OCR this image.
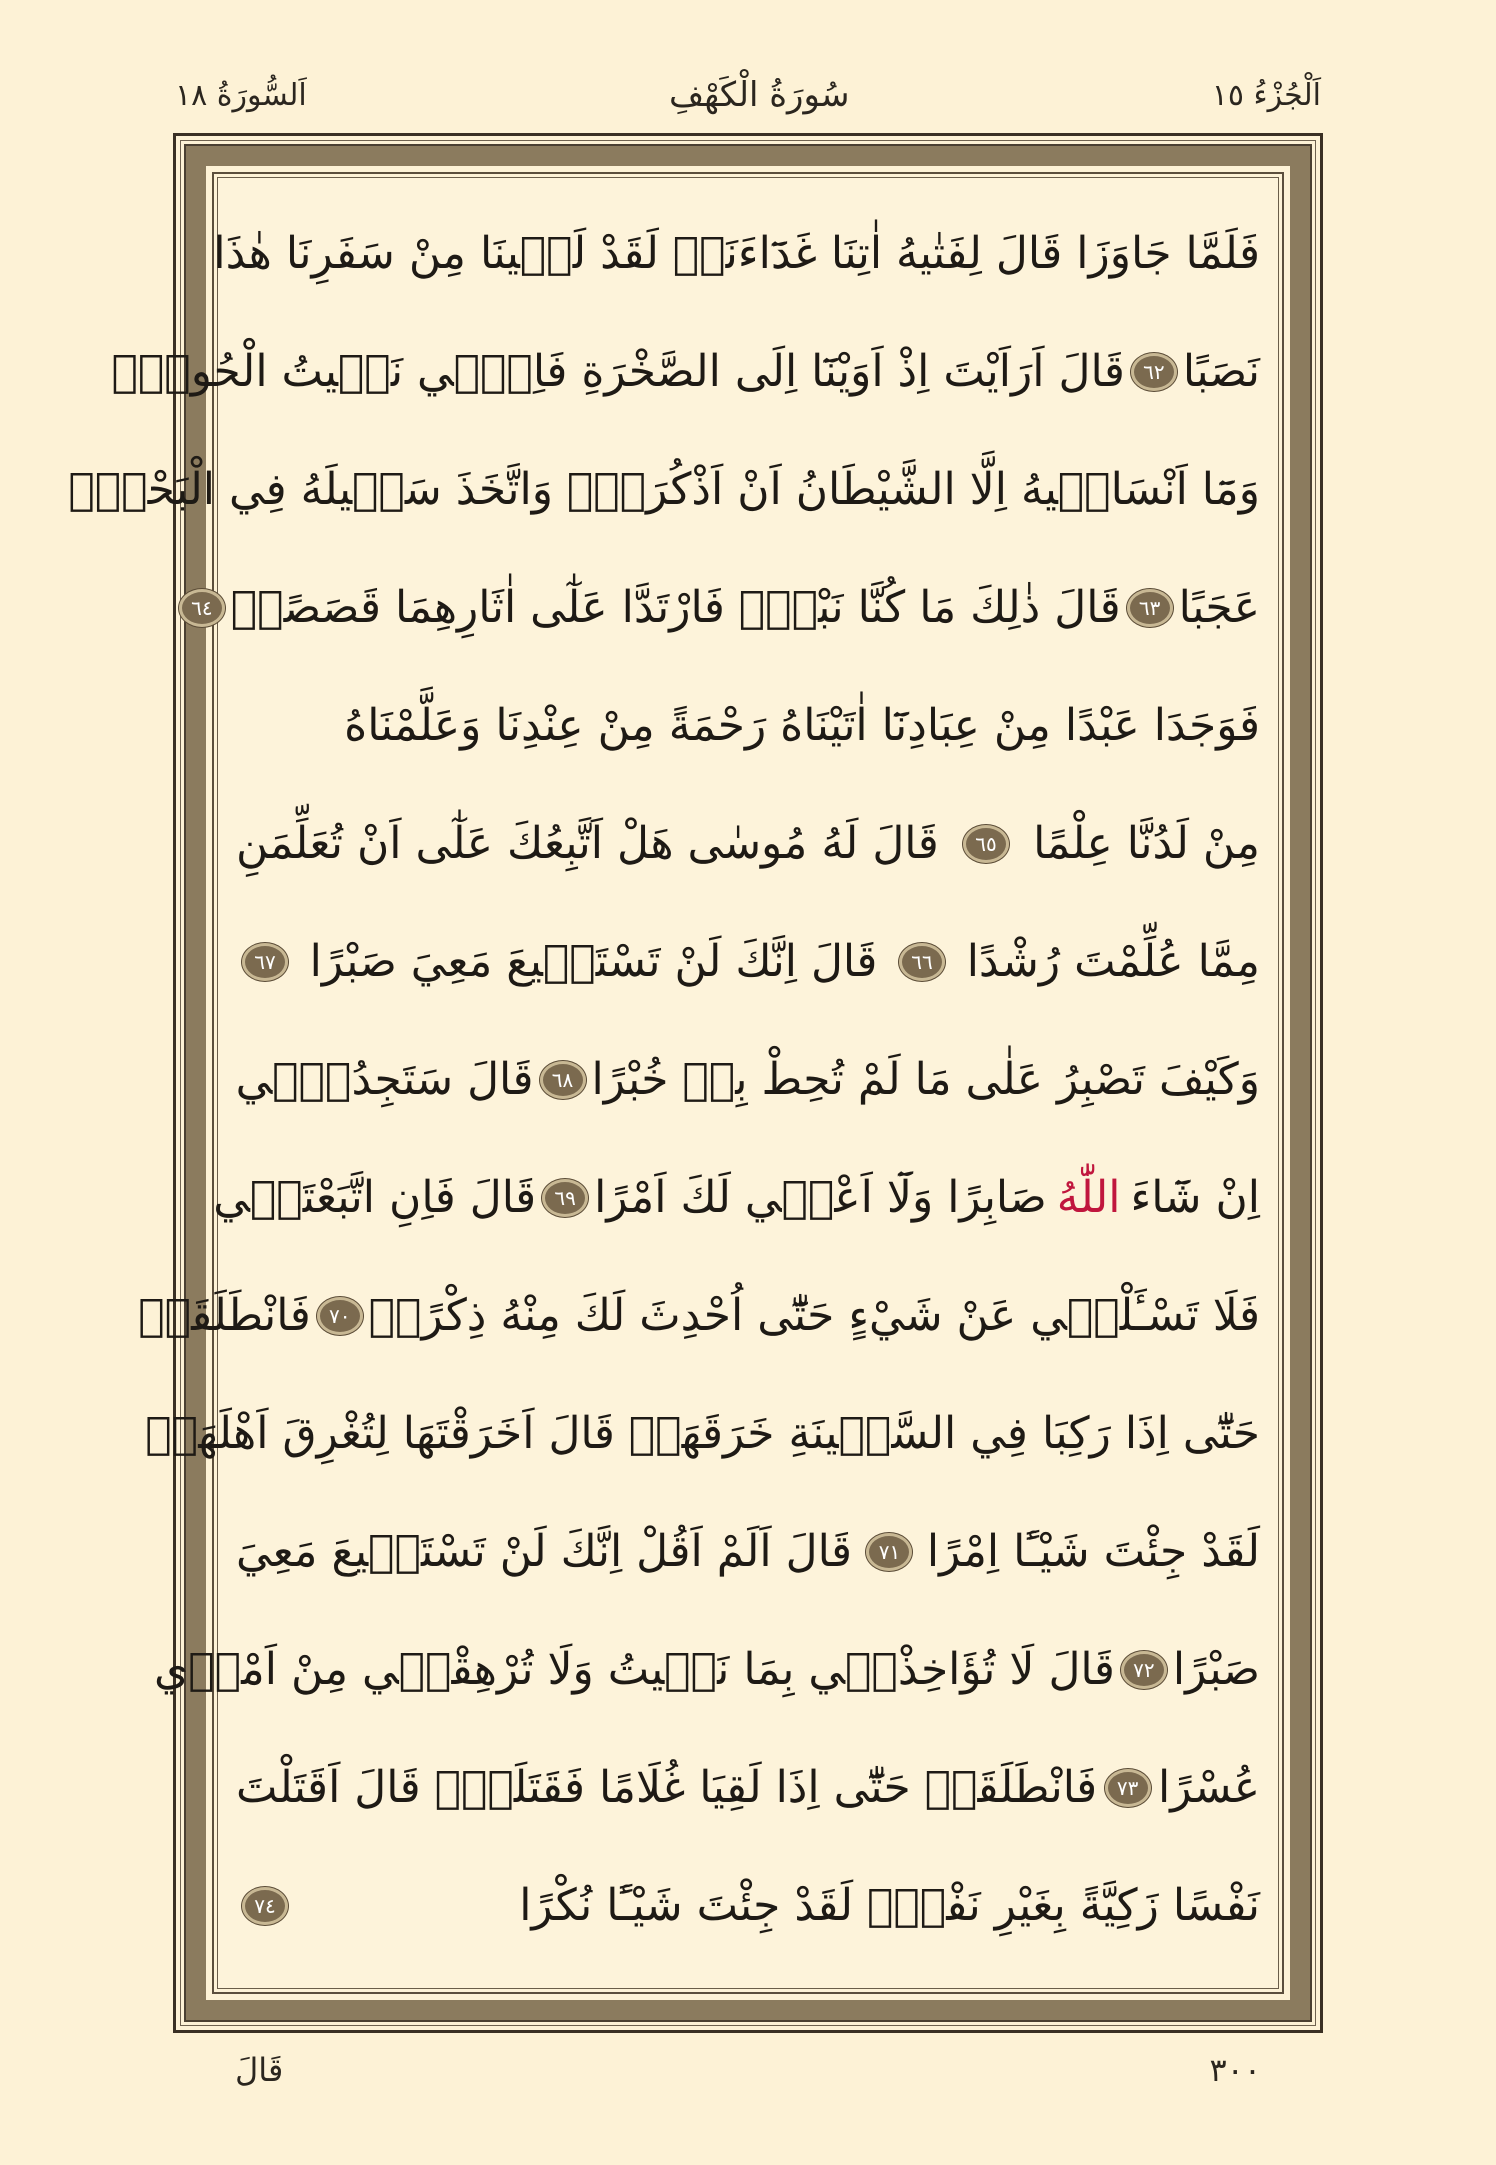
اَلْجُزْءُ ١٥
سُورَةُ الْكَهْفِ
اَلسُّورَةُ ١٨
فَلَمَّا جَاوَزَا قَالَ لِفَتٰيهُ اٰتِنَا غَدَٓاءَنَاۘ لَقَدْ لَقٖينَا مِنْ سَفَرِنَا هٰذَا
نَصَبًا
٦٢
قَالَ اَرَاَيْتَ اِذْ اَوَيْنَٓا اِلَى الصَّخْرَةِ فَاِنّٖي نَسٖيتُ الْحُوتَۘ
وَمَٓا اَنْسَانٖيهُ اِلَّا الشَّيْطَانُ اَنْ اَذْكُرَهُۚ وَاتَّخَذَ سَبٖيلَهُ فِي الْبَحْرِۗ
عَجَبًا
٦٣
قَالَ ذٰلِكَ مَا كُنَّا نَبْغِۗ فَارْتَدَّا عَلٰٓى اٰثَارِهِمَا قَصَصًاۙ
٦٤
فَوَجَدَا عَبْدًا مِنْ عِبَادِنَٓا اٰتَيْنَاهُ رَحْمَةً مِنْ عِنْدِنَا وَعَلَّمْنَاهُ
مِنْ لَدُنَّا عِلْمًا
٦٥
قَالَ لَهُ مُوسٰى هَلْ اَتَّبِعُكَ عَلٰٓى اَنْ تُعَلِّمَنِ
مِمَّا عُلِّمْتَ رُشْدًا
٦٦
قَالَ اِنَّكَ لَنْ تَسْتَطٖيعَ مَعِيَ صَبْرًا
٦٧
وَكَيْفَ تَصْبِرُ عَلٰى مَا لَمْ تُحِطْ بِهٖ خُبْرًا
٦٨
قَالَ سَتَجِدُنٖٓي
اِنْ شَٓاءَ
اللّٰهُ
صَابِرًا وَلَٓا اَعْصٖي لَكَ اَمْرًا
٦٩
قَالَ فَاِنِ اتَّبَعْتَنٖي
فَلَا تَسْـَٔلْنٖي عَنْ شَيْءٍ حَتّٰٓى اُحْدِثَ لَكَ مِنْهُ ذِكْرًاۚ
٧٠
فَانْطَلَقَاࣞ
حَتّٰٓى اِذَا رَكِبَا فِي السَّفٖينَةِ خَرَقَهَاۜ قَالَ اَخَرَقْتَهَا لِتُغْرِقَ اَهْلَهَاۚ
لَقَدْ جِئْتَ شَيْـًٔا اِمْرًا
٧١
قَالَ اَلَمْ اَقُلْ اِنَّكَ لَنْ تَسْتَطٖيعَ مَعِيَ
صَبْرًا
٧٢
قَالَ لَا تُؤَاخِذْنٖي بِمَا نَسٖيتُ وَلَا تُرْهِقْنٖي مِنْ اَمْرٖي
عُسْرًا
٧٣
فَانْطَلَقَاࣞ حَتّٰٓى اِذَا لَقِيَا غُلَامًا فَقَتَلَهُۙ قَالَ اَقَتَلْتَ
نَفْسًا زَكِيَّةً بِغَيْرِ نَفْسٍۜ لَقَدْ جِئْتَ شَيْـًٔا نُكْرًا
٧٤
٣٠٠
قَالَ
